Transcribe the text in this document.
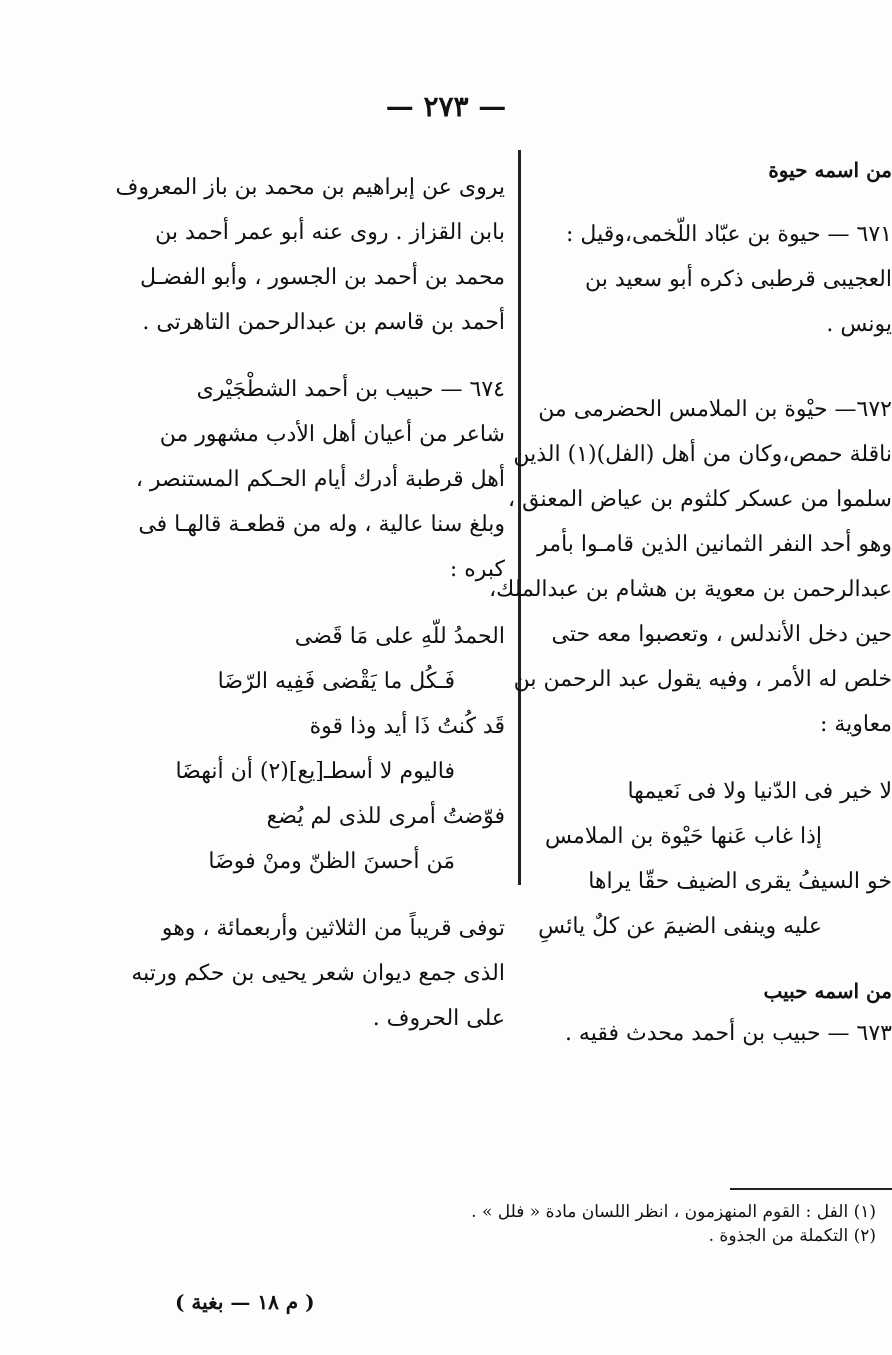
— ٢٧٣ —
من اسمه حيوة
٦٧١ — حيوة بن عبّاد اللّخمى،وقيل :
العجيبى قرطبى ذكره أبو سعيد بن
يونس .
٦٧٢— حيْوة بن الملامس الحضرمى من
ناقلة حمص،وكان من أهل (الفل)(١) الذين
سلموا من عسكر كلثوم بن عياض المعنق ،
وهو أحد النفر الثمانين الذين قامـوا بأمر
عبدالرحمن بن معوية بن هشام بن عبدالملك،
حين دخل الأندلس ، وتعصبوا معه حتى
خلص له الأمر ، وفيه يقول عبد الرحمن بن
معاوية :
لا خير فى الدّنيا ولا فى نَعيمها
إذا غاب عَنها حَيْوة بن الملامس
خو السيفُ يقرى الضيف حقّا يراها
عليه وينفى الضيمَ عن كلٌ يائسِ
من اسمه حبيب
٦٧٣ — حبيب بن أحمد محدث فقيه .
يروى عن إبراهيم بن محمد بن باز المعروف
بابن القزاز . روى عنه أبو عمر أحمد بن
محمد بن أحمد بن الجسور ، وأبو الفضـل
أحمد بن قاسم بن عبدالرحمن التاهرتى .
٦٧٤ — حبيب بن أحمد الشطْجَيْرى
شاعر من أعيان أهل الأدب مشهور من
أهل قرطبة أدرك أيام الحـكم المستنصر ،
وبلغ سنا عالية ، وله من قطعـة قالهـا فى
كبره :
الحمدُ للّهِ على مَا قَضى
فَـكُل ما يَقْضى فَفِيه الرّضَا
قَد كُنتُ ذَا أيد وذا قوة
فاليوم لا أسطـ[يع](٢) أن أنهضَا
فوّضتُ أمرى للذى لم يُضع
مَن أحسنَ الظنّ ومنْ فوضَا
توفى قريباً من الثلاثين وأربعمائة ، وهو
الذى جمع ديوان شعر يحيى بن حكم ورتبه
على الحروف .
(١) الفل : القوم المنهزمون ، انظر اللسان مادة « فلل » .
(٢) التكملة من الجذوة .
( م ١٨ — بغية )
